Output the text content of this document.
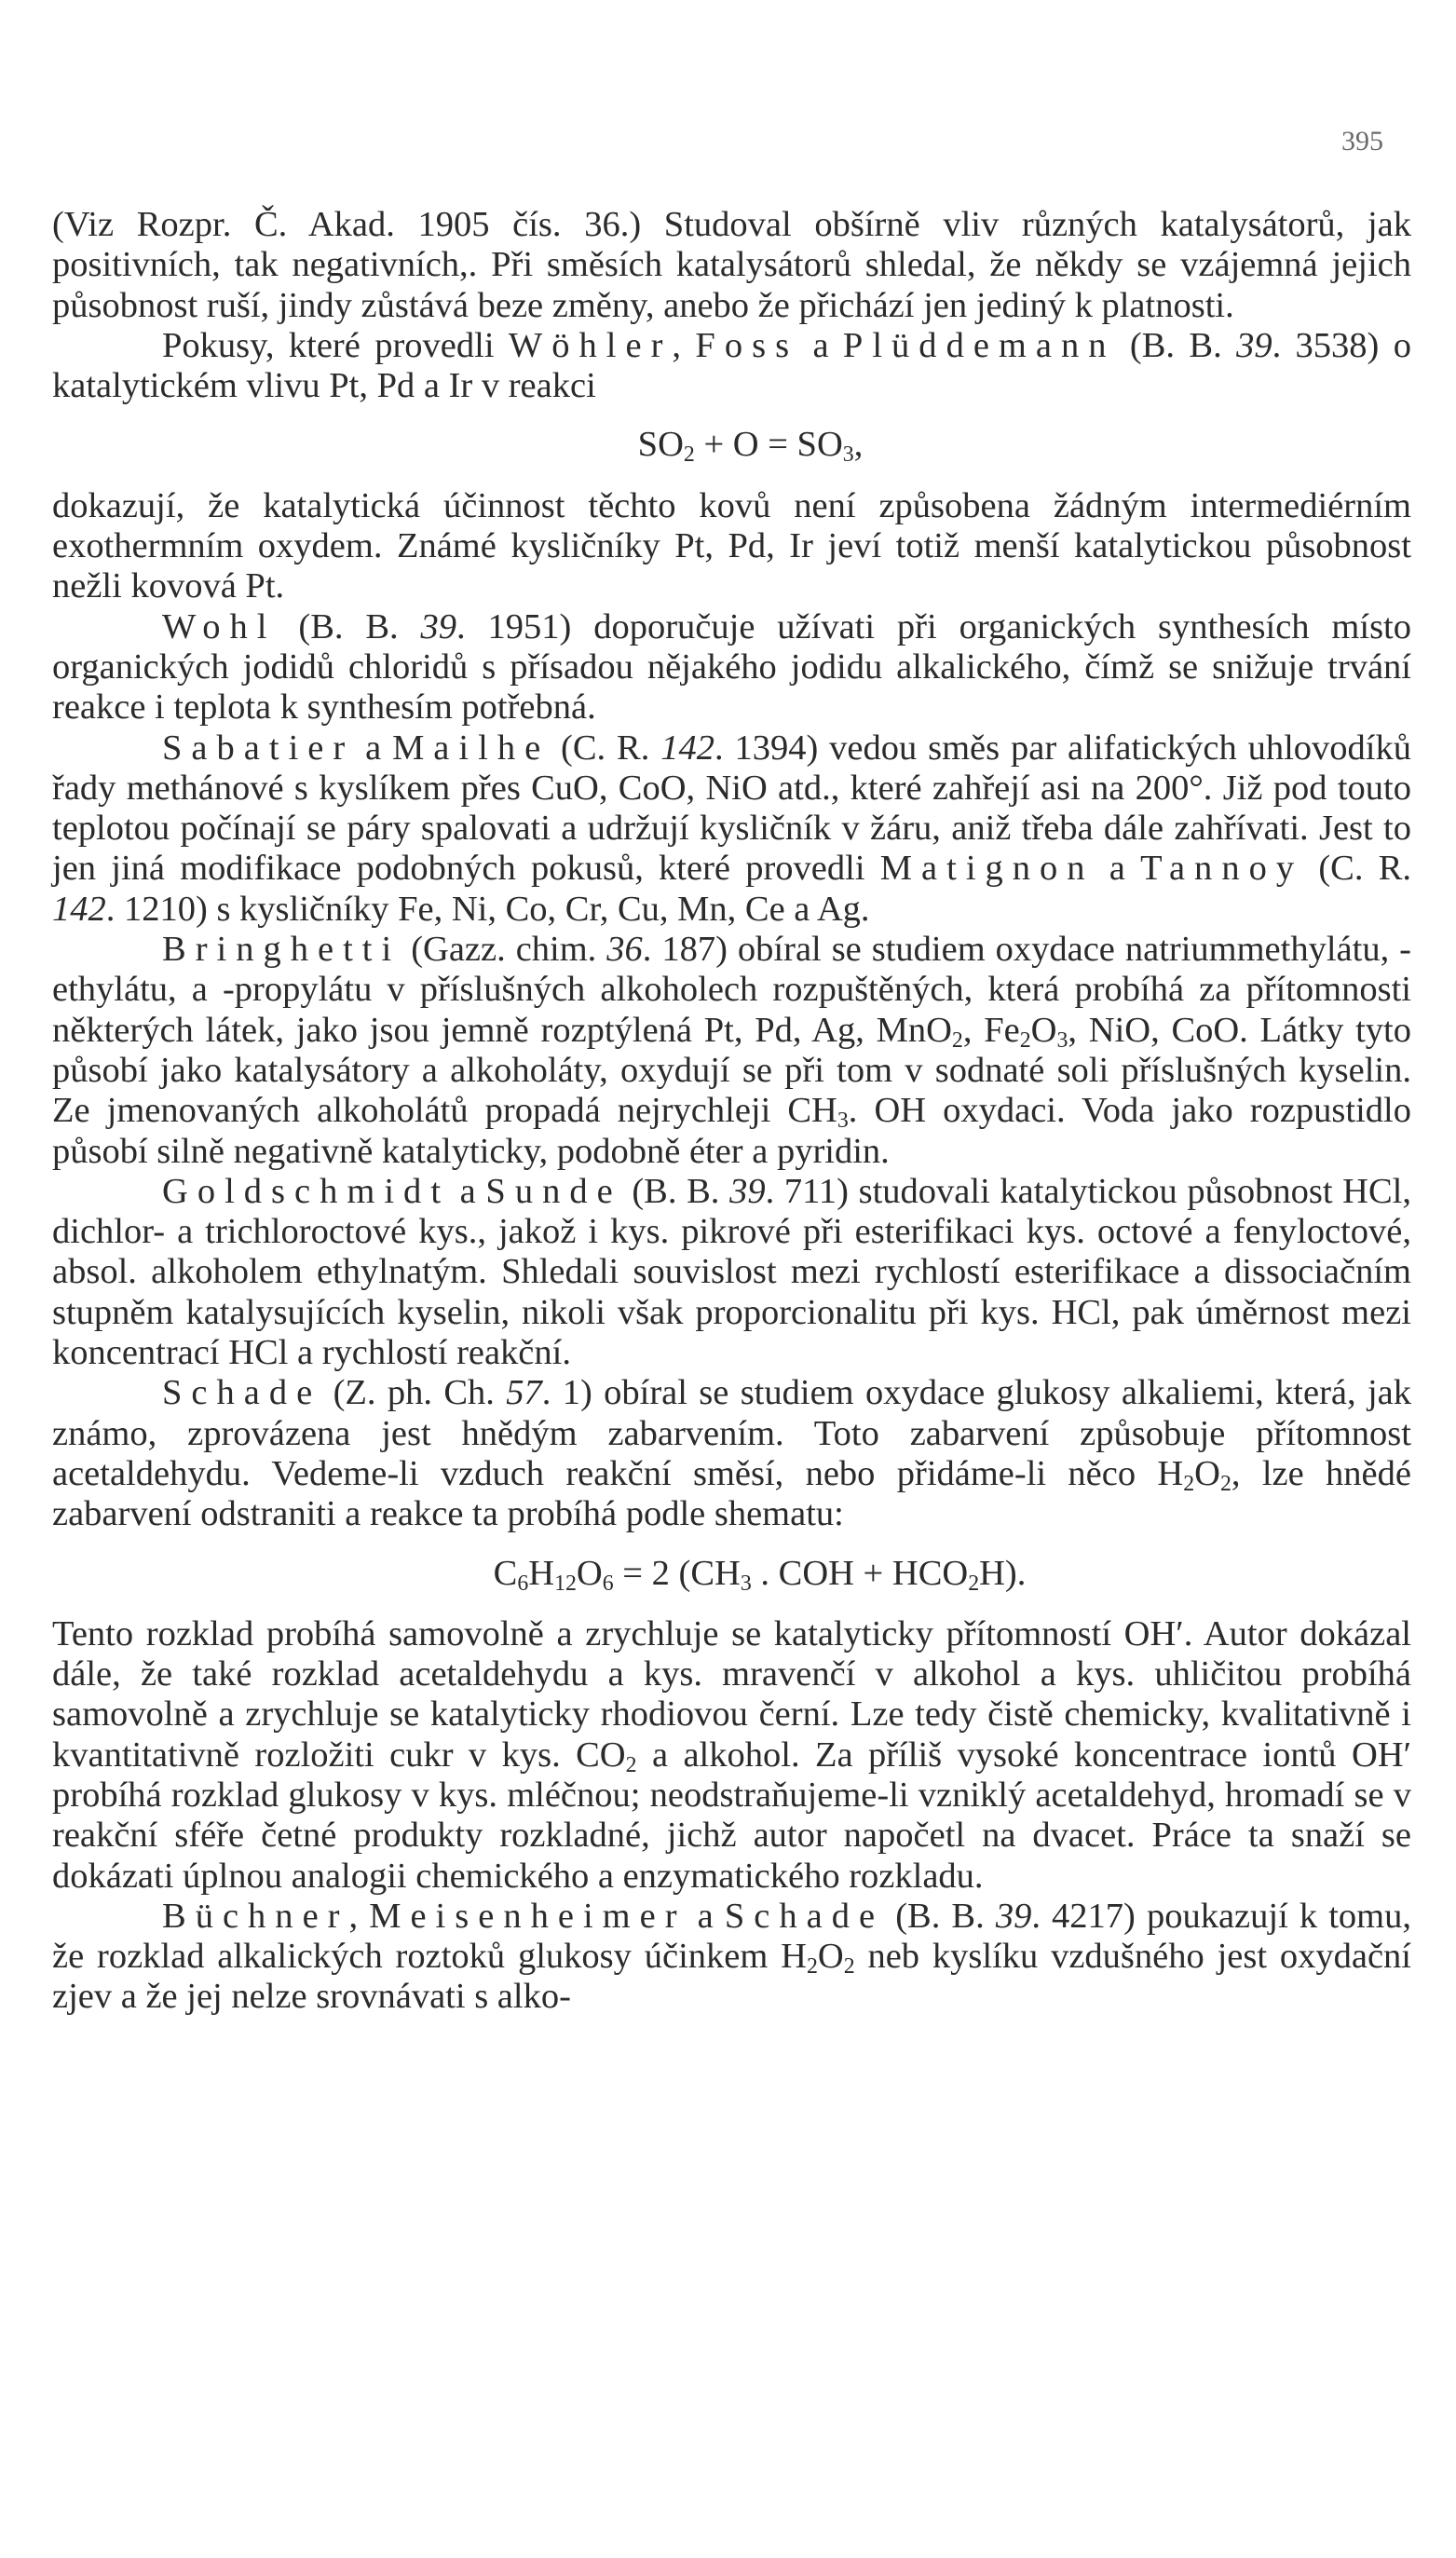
395

(Viz Rozpr. Č. Akad. 1905 čís. 36.) Studoval obšírně vliv různých katalysátorů, jak positivních, tak negativních,. Při směsích katalysátorů shledal, že někdy se vzájemná jejich působnost ruší, jindy zůstává beze změny, anebo že přichází jen jediný k platnosti.

Pokusy, které provedli Wöhler, Foss a Plüddemann (B. B. 39. 3538) o katalytickém vlivu Pt, Pd a Ir v reakci

$SO_2 + O = SO_3$,

dokazují, že katalytická účinnost těchto kovů není způsobena žádným intermediérním exothermním oxydem. Známé kysličníky Pt, Pd, Ir jeví totiž menší katalytickou působnost nežli kovová Pt.

Wohl (B. B. 39. 1951) doporučuje užívati při organických synthesích místo organických jodidů chloridů s přísadou nějakého jodidu alkalického, čímž se snižuje trvání reakce i teplota k synthesím potřebná.

Sabatier a Mailhe (C. R. 142. 1394) vedou směs par alifatických uhlovodíků řady methánové s kyslíkem přes CuO, CoO, NiO atd., které zahřejí asi na 200°. Již pod touto teplotou počínají se páry spalovati a udržují kysličník v žáru, aniž třeba dále zahřívati. Jest to jen jiná modifikace podobných pokusů, které provedli Matignon a Tannoy (C. R. 142. 1210) s kysličníky Fe, Ni, Co, Cr, Cu, Mn, Ce a Ag.

Bringhetti (Gazz. chim. 36. 187) obíral se studiem oxydace natriummethylátu, -ethylátu, a -propylátu v příslušných alkoholech rozpuštěných, která probíhá za přítomnosti některých látek, jako jsou jemně rozptýlená Pt, Pd, Ag, MnO$_2$, $Fe_2O_3$, NiO, CoO. Látky tyto působí jako katalysátory a alkoholáty, oxydují se při tom v sodnaté soli příslušných kyselin. Ze jmenovaných alkoholátů propadá nejrychleji $CH_3$. OH oxydaci. Voda jako rozpustidlo působí silně negativně katalyticky, podobně éter a pyridin.

Goldschmidt a Sunde (B. B. 39. 711) studovali katalytickou působnost HCl, dichlor- a trichloroctové kys., jakož i kys. pikrové při esterifikaci kys. octové a fenyloctové, absol. alkoholem ethylnatým. Shledali souvislost mezi rychlostí esterifikace a dissociačním stupněm katalysujících kyselin, nikoli však proporcionalitu při kys. HCl, pak úměrnost mezi koncentrací HCl a rychlostí reakční.

Schade (Z. ph. Ch. 57. 1) obíral se studiem oxydace glukosy alkaliemi, která, jak známo, zprovázena jest hnědým zabarvením. Toto zabarvení způsobuje přítomnost acetaldehydu. Vedeme-li vzduch reakční směsí, nebo přidáme-li něco $H_2O_2$, lze hnědé zabarvení odstraniti a reakce ta probíhá podle shematu:

$C_6H_{12}O_6 = 2$ ($CH_3$ . COH + $HCO_2H$).

Tento rozklad probíhá samovolně a zrychluje se katalyticky přítomností OH′. Autor dokázal dále, že také rozklad acetaldehydu a kys. mravenčí v alkohol a kys. uhličitou probíhá samovolně a zrychluje se katalyticky rhodiovou černí. Lze tedy čistě chemicky, kvalitativně i kvantitativně rozložiti cukr v kys. $CO_2$ a alkohol. Za příliš vysoké koncentrace iontů OH′ probíhá rozklad glukosy v kys. mléčnou; neodstraňujeme-li vzniklý acetaldehyd, hromadí se v reakční sféře četné produkty rozkladné, jichž autor napočetl na dvacet. Práce ta snaží se dokázati úplnou analogii chemického a enzymatického rozkladu.

Büchner, Meisenheimer a Schade (B. B. 39. 4217) poukazují k tomu, že rozklad alkalických roztoků glukosy účinkem $H_2O_2$ neb kyslíku vzdušného jest oxydační zjev a že jej nelze srovnávati s alko-
